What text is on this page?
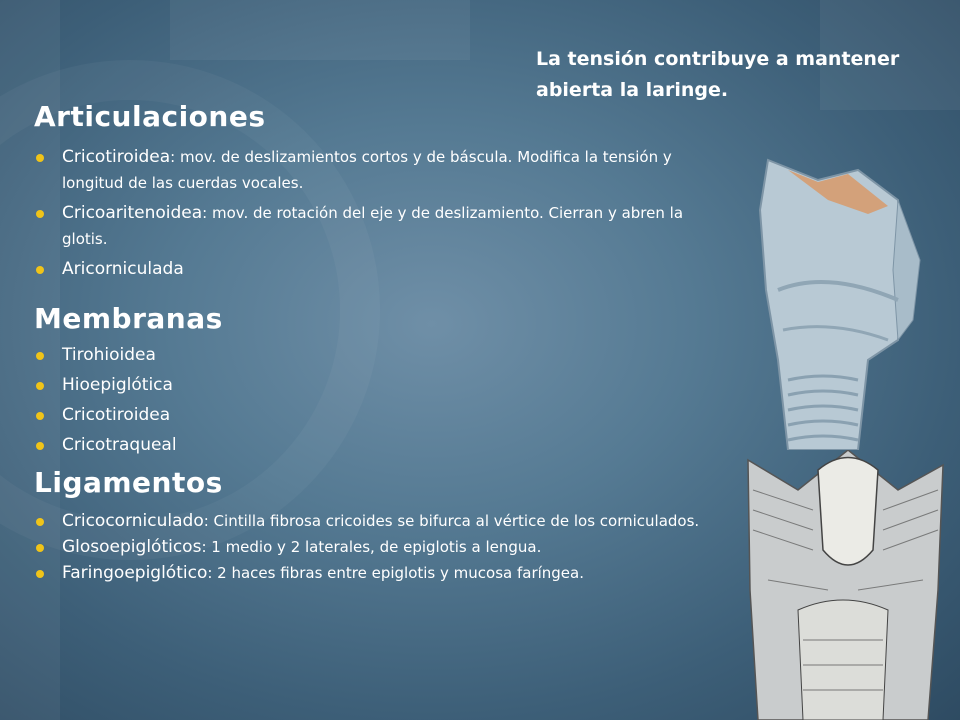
La tensión contribuye a mantener abierta la laringe.
Articulaciones
Cricotiroidea: mov. de deslizamientos cortos y de báscula. Modifica la tensión y longitud de las cuerdas vocales.
Cricoaritenoidea: mov. de rotación del eje y de deslizamiento. Cierran y abren la glotis.
Aricorniculada
Membranas
Tirohioidea
Hioepiglótica
Cricotiroidea
Cricotraqueal
Ligamentos
Cricocorniculado: Cintilla fibrosa cricoides se bifurca al vértice de los corniculados.
Glosoepiglóticos: 1 medio y 2 laterales, de epiglotis a lengua.
Faringoepiglótico: 2 haces fibras entre epiglotis y mucosa faríngea.
